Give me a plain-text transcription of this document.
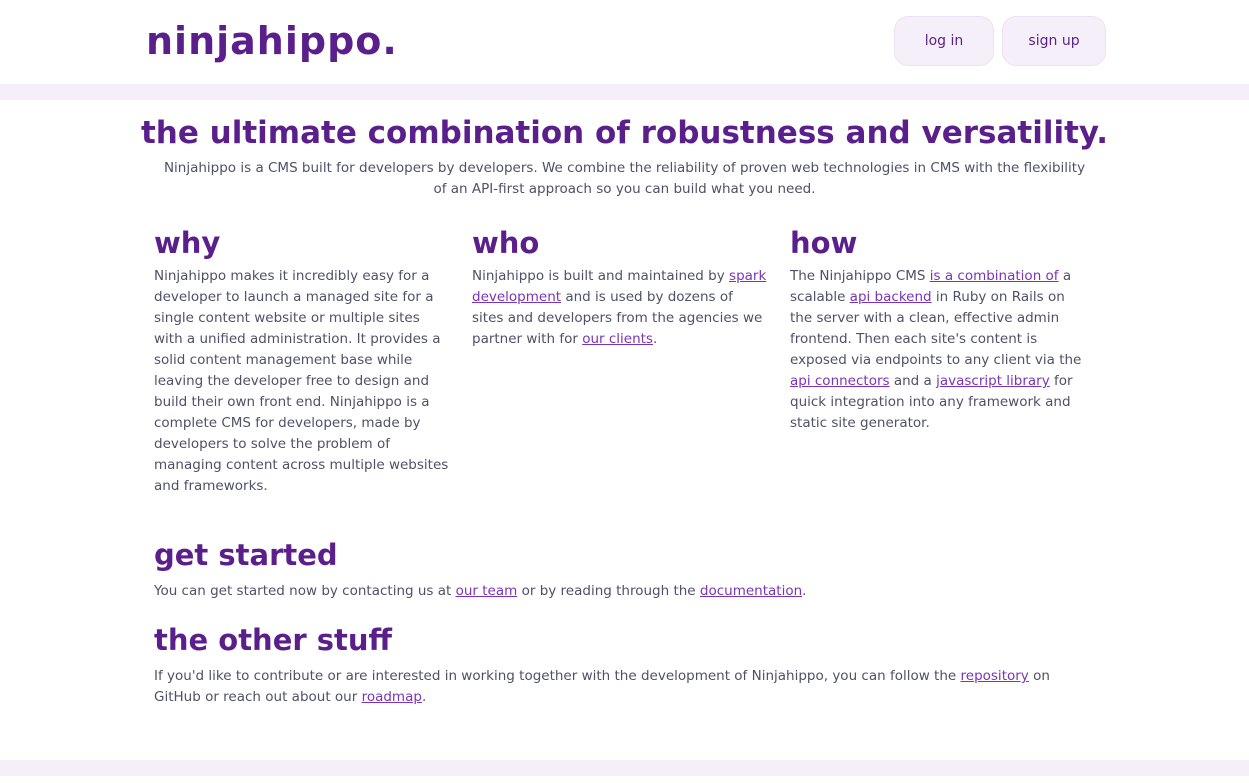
ninjahippo.	log in	sign up
the ultimate combination of robustness and versatility.

Ninjahippo is a CMS built for developers by developers. We combine the reliability of proven web technologies in CMS with the flexibility of an API-first approach so you can build what you need.

why

Ninjahippo makes it incredibly easy for a developer to launch a managed site for a single content website or multiple sites with a unified administration. It provides a solid content management base while leaving the developer free to design and build their own front end. Ninjahippo is a complete CMS for developers, made by developers to solve the problem of managing content across multiple websites and frameworks.

who

Ninjahippo is built and maintained by spark development and is used by dozens of sites and developers from the agencies we partner with for our clients.

how

The Ninjahippo CMS is a combination of a scalable api backend in Ruby on Rails on the server with a clean, effective admin frontend. Then each site's content is exposed via endpoints to any client via the api connectors and a javascript library for quick integration into any framework and static site generator.

get started

You can get started now by contacting us at our team or by reading through the documentation.

the other stuff

If you'd like to contribute or are interested in working together with the development of Ninjahippo, you can follow the repository on GitHub or reach out about our roadmap.
